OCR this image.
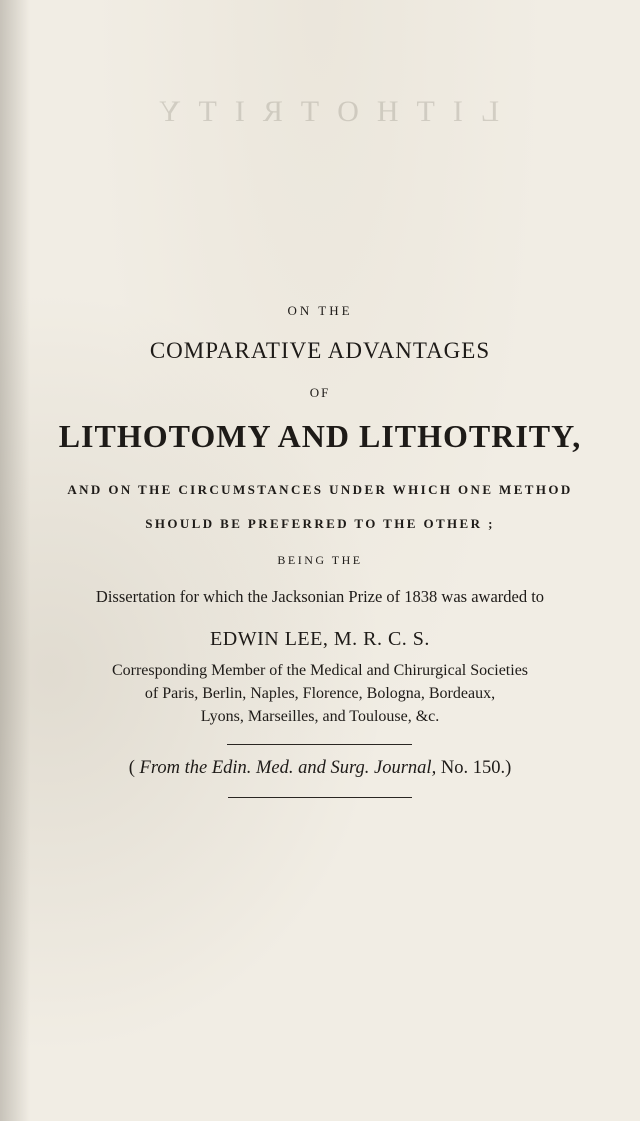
LITHOTRITY
ON THE
COMPARATIVE ADVANTAGES
OF
LITHOTOMY AND LITHOTRITY,
AND ON THE CIRCUMSTANCES UNDER WHICH ONE METHOD
SHOULD BE PREFERRED TO THE OTHER ;
BEING THE
Dissertation for which the Jacksonian Prize of 1838 was awarded to
EDWIN LEE, M. R. C. S.
Corresponding Member of the Medical and Chirurgical Societies
of Paris, Berlin, Naples, Florence, Bologna, Bordeaux,
Lyons, Marseilles, and Toulouse, &c.
( From the Edin. Med. and Surg. Journal, No. 150.)
